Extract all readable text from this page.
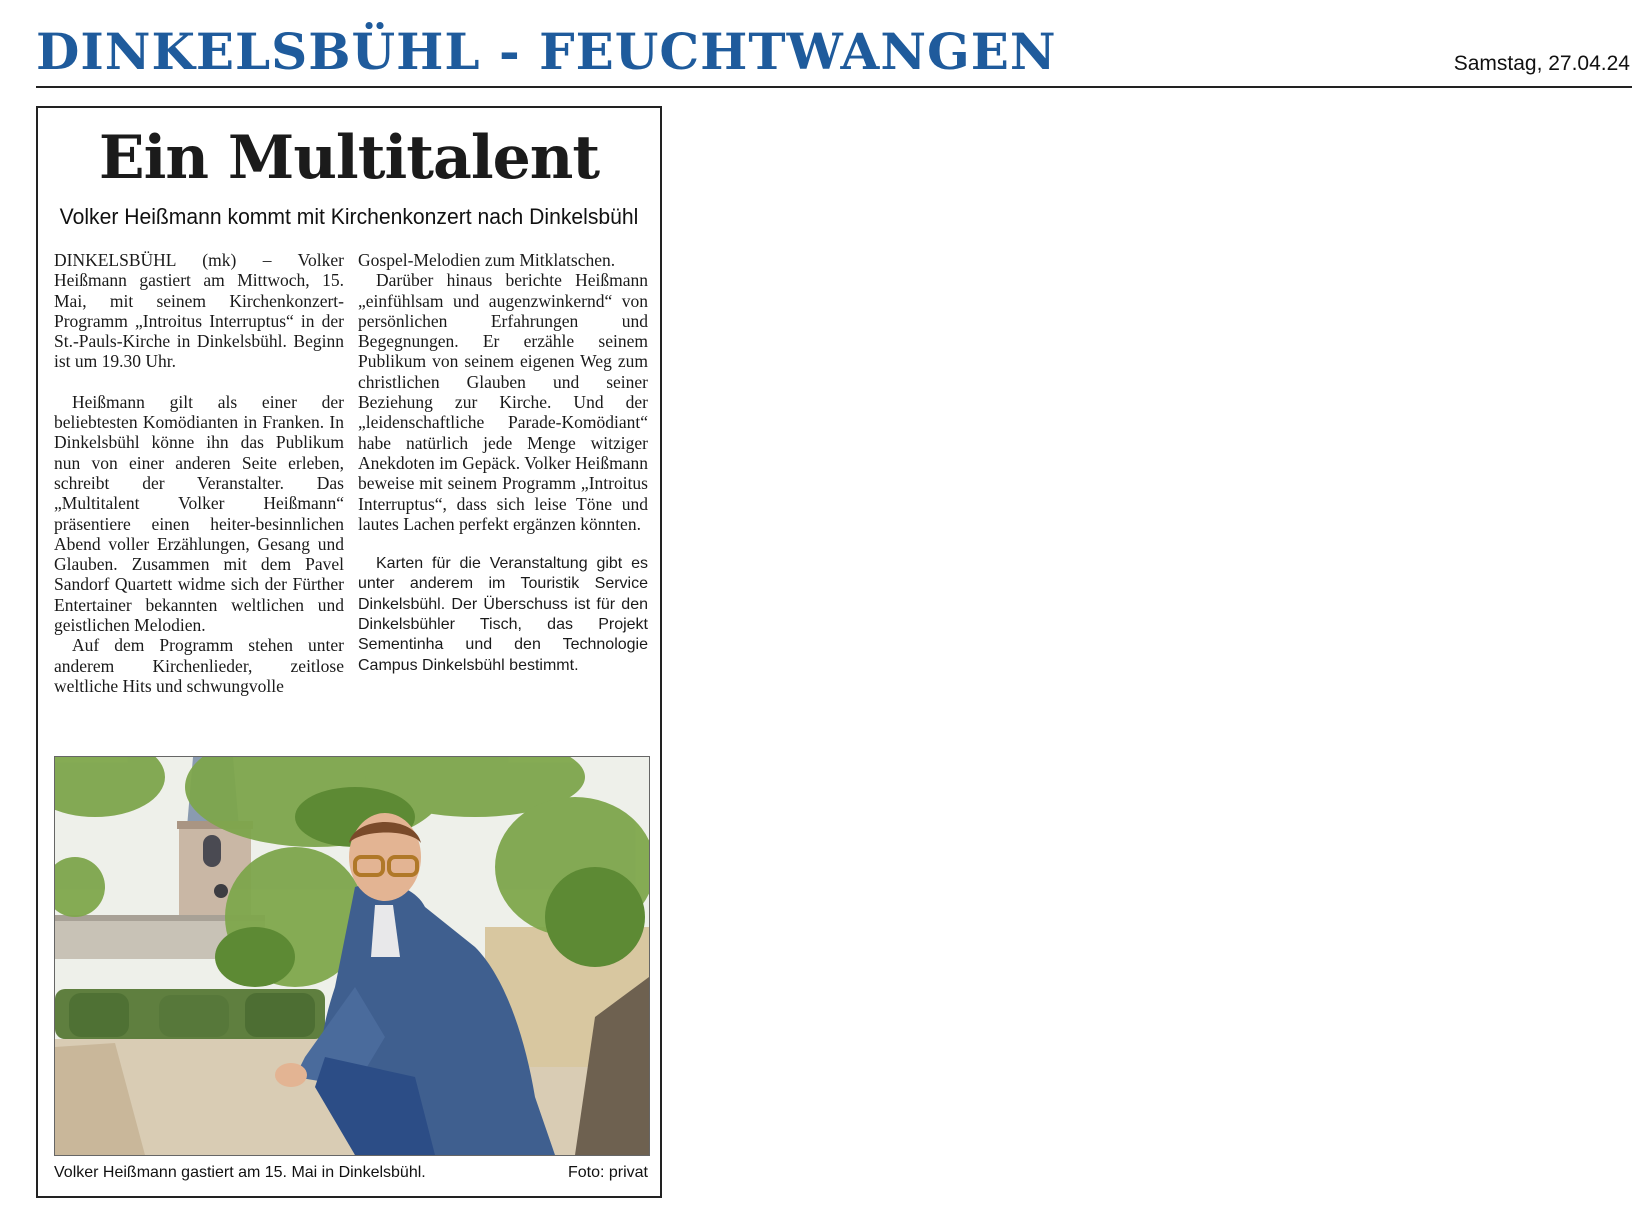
DINKELSBÜHL - FEUCHTWANGEN	Samstag, 27.04.24
Ein Multitalent
Volker Heißmann kommt mit Kirchenkonzert nach Dinkelsbühl

DINKELSBÜHL (mk) – Volker Heißmann gastiert am Mittwoch, 15. Mai, mit seinem Kirchenkonzert-Programm „Introitus Interruptus“ in der St.-Pauls-Kirche in Dinkelsbühl. Beginn ist um 19.30 Uhr.

Heißmann gilt als einer der beliebtesten Komödianten in Franken. In Dinkelsbühl könne ihn das Publikum nun von einer anderen Seite erleben, schreibt der Veranstalter. Das „Multitalent Volker Heißmann“ präsentiere einen heiter-besinnlichen Abend voller Erzählungen, Gesang und Glauben. Zusammen mit dem Pavel Sandorf Quartett widme sich der Fürther Entertainer bekannten weltlichen und geistlichen Melodien.

Auf dem Programm stehen unter anderem Kirchenlieder, zeitlose weltliche Hits und schwungvolle

Gospel-Melodien zum Mitklatschen.

Darüber hinaus berichte Heißmann „einfühlsam und augenzwinkernd“ von persönlichen Erfahrungen und Begegnungen. Er erzähle seinem Publikum von seinem eigenen Weg zum christlichen Glauben und seiner Beziehung zur Kirche. Und der „leidenschaftliche Parade-Komödiant“ habe natürlich jede Menge witziger Anekdoten im Gepäck. Volker Heißmann beweise mit seinem Programm „Introitus Interruptus“, dass sich leise Töne und lautes Lachen perfekt ergänzen könnten.

Karten für die Veranstaltung gibt es unter anderem im Touristik Service Dinkelsbühl. Der Überschuss ist für den Dinkelsbühler Tisch, das Projekt Sementinha und den Technologie Campus Dinkelsbühl bestimmt.

Volker Heißmann gastiert am 15. Mai in Dinkelsbühl.	Foto: privat
